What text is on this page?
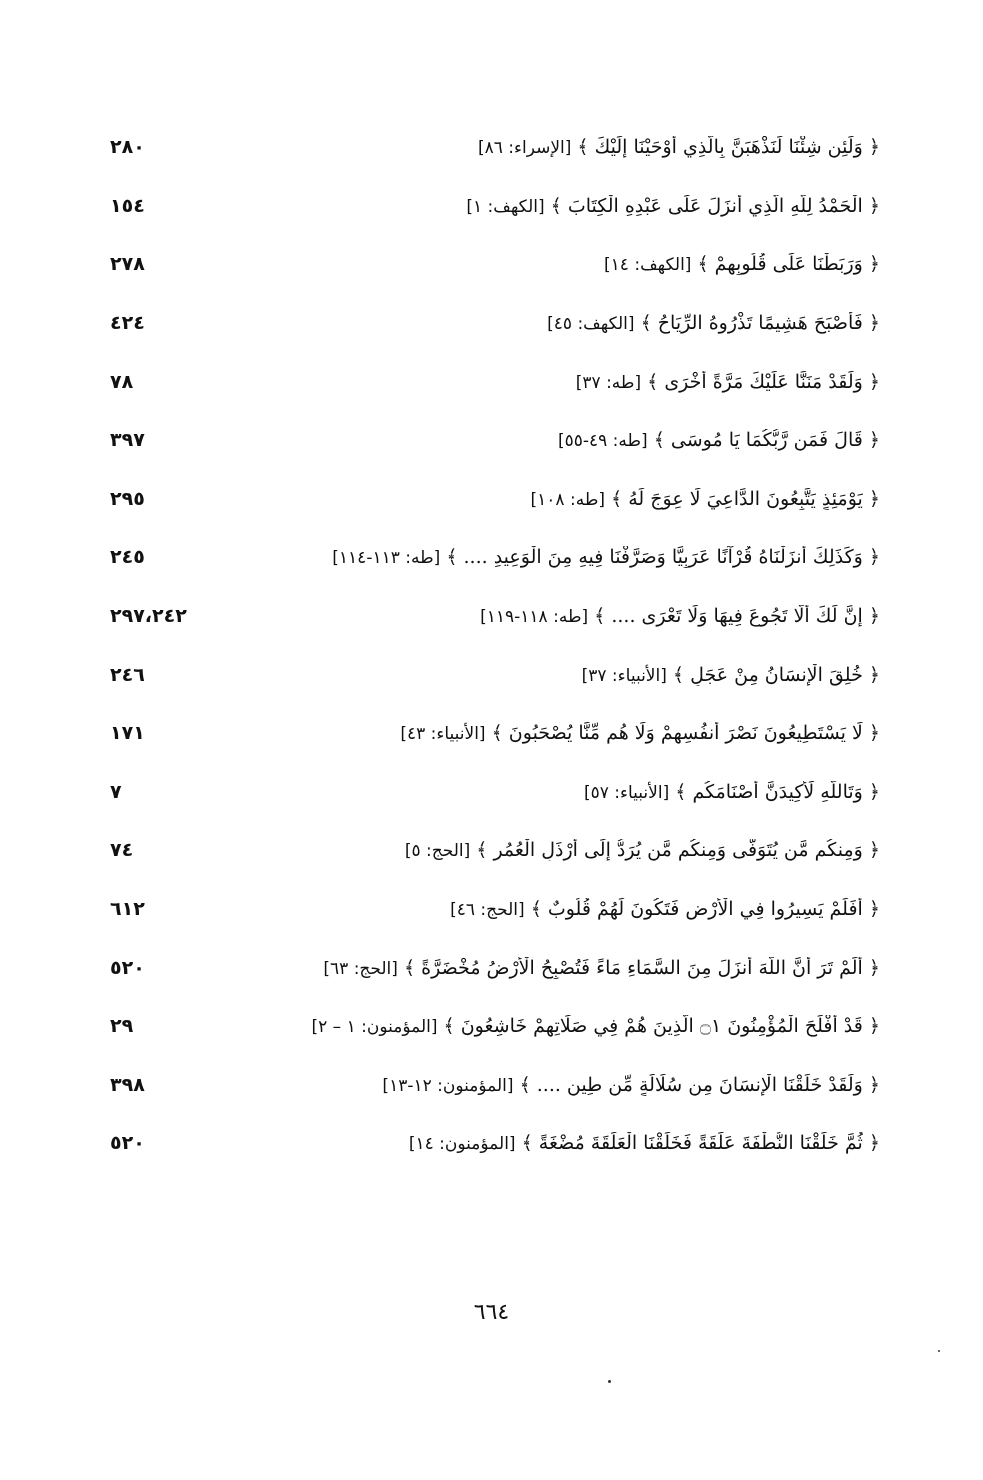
٢٨٠	﴿ وَلَئِن شِئْنَا لَنَذْهَبَنَّ بِالَّذِي أَوْحَيْنَا إِلَيْكَ ﴾ [الإسراء: ٨٦]
١٥٤	﴿ الْحَمْدُ لِلَّهِ الَّذِي أَنزَلَ عَلَى عَبْدِهِ الْكِتَابَ ﴾ [الكهف: ١]
٢٧٨	﴿ وَرَبَطْنَا عَلَى قُلُوبِهِمْ ﴾ [الكهف: ١٤]
٤٢٤	﴿ فَأَصْبَحَ هَشِيمًا تَذْرُوهُ الرِّيَاحُ ﴾ [الكهف: ٤٥]
٧٨	﴿ وَلَقَدْ مَنَنَّا عَلَيْكَ مَرَّةً أُخْرَى ﴾ [طه: ٣٧]
٣٩٧	﴿ قَالَ فَمَن رَّبُّكُمَا يَا مُوسَى ﴾ [طه: ٤٩-٥٥]
٢٩٥	﴿ يَوْمَئِذٍ يَتَّبِعُونَ الدَّاعِيَ لَا عِوَجَ لَهُ ﴾ [طه: ١٠٨]
٢٤٥	﴿ وَكَذَلِكَ أَنزَلْنَاهُ قُرْآنًا عَرَبِيًّا وَصَرَّفْنَا فِيهِ مِنَ الْوَعِيدِ .... ﴾ [طه: ١١٣-١١٤]
٢٩٧،٢٤٢	﴿ إِنَّ لَكَ أَلَّا تَجُوعَ فِيهَا وَلَا تَعْرَى .... ﴾ [طه: ١١٨-١١٩]
٢٤٦	﴿ خُلِقَ الْإِنسَانُ مِنْ عَجَلٍ ﴾ [الأنبياء: ٣٧]
١٧١	﴿ لَا يَسْتَطِيعُونَ نَصْرَ أَنفُسِهِمْ وَلَا هُم مِّنَّا يُصْحَبُونَ ﴾ [الأنبياء: ٤٣]
٧	﴿ وَتَاللَّهِ لَأَكِيدَنَّ أَصْنَامَكُم ﴾ [الأنبياء: ٥٧]
٧٤	﴿ وَمِنكُم مَّن يُتَوَفَّى وَمِنكُم مَّن يُرَدُّ إِلَى أَرْذَلِ الْعُمُرِ ﴾ [الحج: ٥]
٦١٢	﴿ أَفَلَمْ يَسِيرُوا فِي الْأَرْضِ فَتَكُونَ لَهُمْ قُلُوبٌ ﴾ [الحج: ٤٦]
٥٢٠	﴿ أَلَمْ تَرَ أَنَّ اللَّهَ أَنزَلَ مِنَ السَّمَاءِ مَاءً فَتُصْبِحُ الْأَرْضُ مُخْضَرَّةً ﴾ [الحج: ٦٣]
٢٩	﴿ قَدْ أَفْلَحَ الْمُؤْمِنُونَ ۝١ الَّذِينَ هُمْ فِي صَلَاتِهِمْ خَاشِعُونَ ﴾ [المؤمنون: ١ – ٢]
٣٩٨	﴿ وَلَقَدْ خَلَقْنَا الْإِنسَانَ مِن سُلَالَةٍ مِّن طِينٍ .... ﴾ [المؤمنون: ١٢-١٣]
٥٢٠	﴿ ثُمَّ خَلَقْنَا النُّطْفَةَ عَلَقَةً فَخَلَقْنَا الْعَلَقَةَ مُضْغَةً ﴾ [المؤمنون: ١٤]
٦٦٤
